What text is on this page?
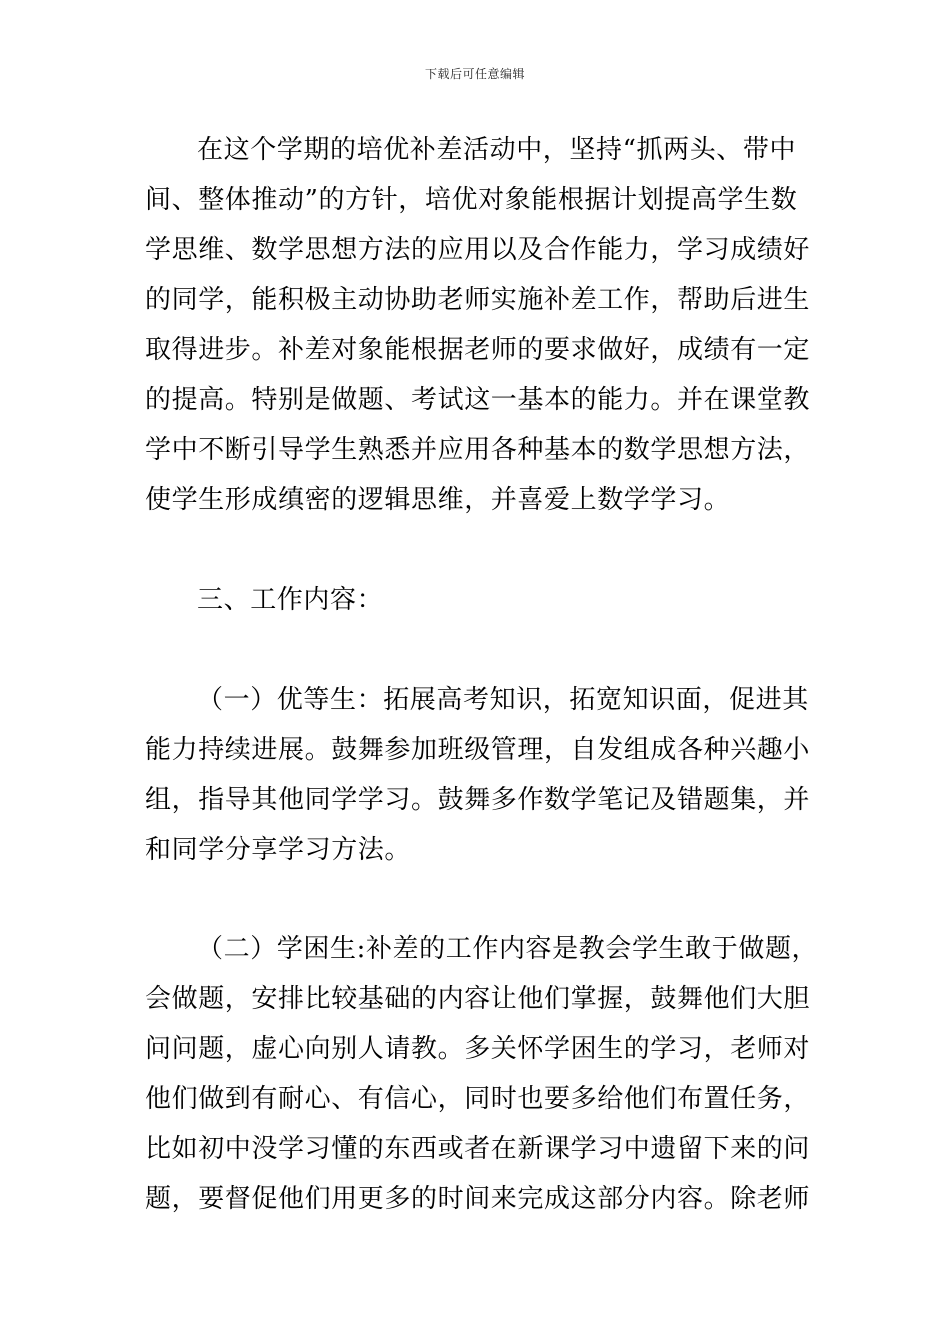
下载后可任意编辑
在这个学期的培优补差活动中，坚持“抓两头、带中
间、整体推动”的方针，培优对象能根据计划提高学生数
学思维、数学思想方法的应用以及合作能力，学习成绩好
的同学，能积极主动协助老师实施补差工作，帮助后进生
取得进步。补差对象能根据老师的要求做好，成绩有一定
的提高。特别是做题、考试这一基本的能力。并在课堂教
学中不断引导学生熟悉并应用各种基本的数学思想方法，
使学生形成缜密的逻辑思维，并喜爱上数学学习。
三、工作内容：
（一）优等生：拓展高考知识，拓宽知识面，促进其
能力持续进展。鼓舞参加班级管理，自发组成各种兴趣小
组，指导其他同学学习。鼓舞多作数学笔记及错题集，并
和同学分享学习方法。
（二）学困生:补差的工作内容是教会学生敢于做题，
会做题，安排比较基础的内容让他们掌握，鼓舞他们大胆
问问题，虚心向别人请教。多关怀学困生的学习，老师对
他们做到有耐心、有信心，同时也要多给他们布置任务，
比如初中没学习懂的东西或者在新课学习中遗留下来的问
题，要督促他们用更多的时间来完成这部分内容。除老师
